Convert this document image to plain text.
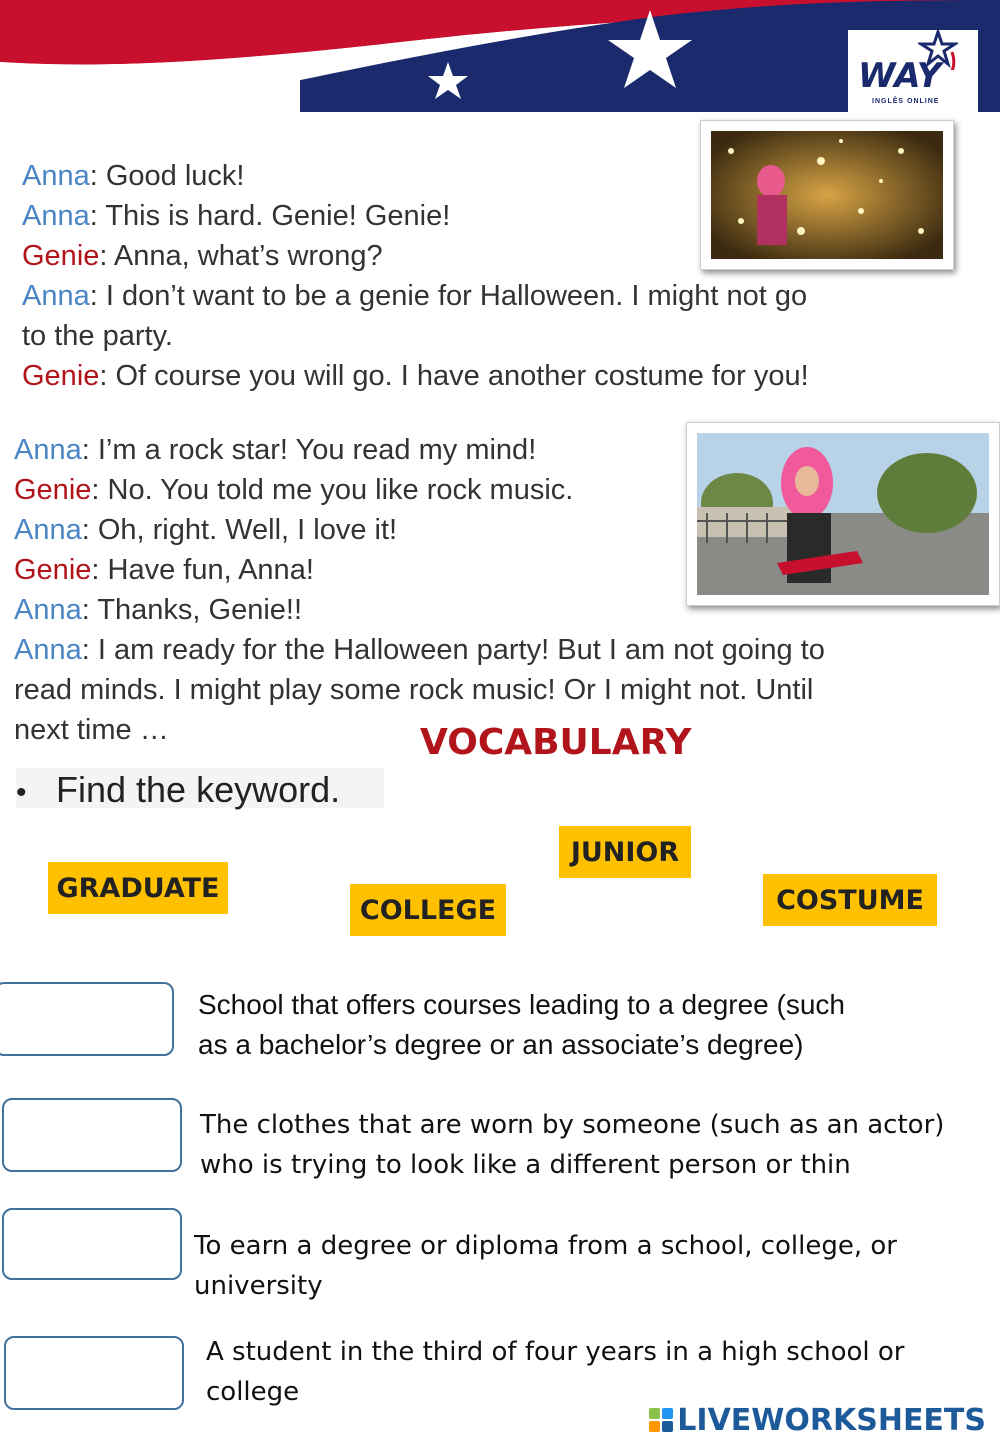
WAY
INGLÊS ONLINE
Anna: Good luck!
Anna: This is hard. Genie! Genie!
Genie: Anna, what’s wrong?
Anna: I don’t want to be a genie for Halloween. I might not go
to the party.
Genie: Of course you will go. I have another costume for you!
Anna: I’m a rock star! You read my mind!
Genie: No. You told me you like rock music.
Anna: Oh, right. Well, I love it!
Genie: Have fun, Anna!
Anna: Thanks, Genie!!
Anna: I am ready for the Halloween party! But I am not going to
read minds. I might play some rock music! Or I might not. Until
next time …	VOCABULARY
• Find the keyword.
GRADUATE
COLLEGE
JUNIOR
COSTUME
School that offers courses leading to a degree (such
as a bachelor’s degree or an associate’s degree)
The clothes that are worn by someone (such as an actor)
who is trying to look like a different person or thin
To earn a degree or diploma from a school, college, or
university
A student in the third of four years in a high school or
college
LIVEWORKSHEETS
